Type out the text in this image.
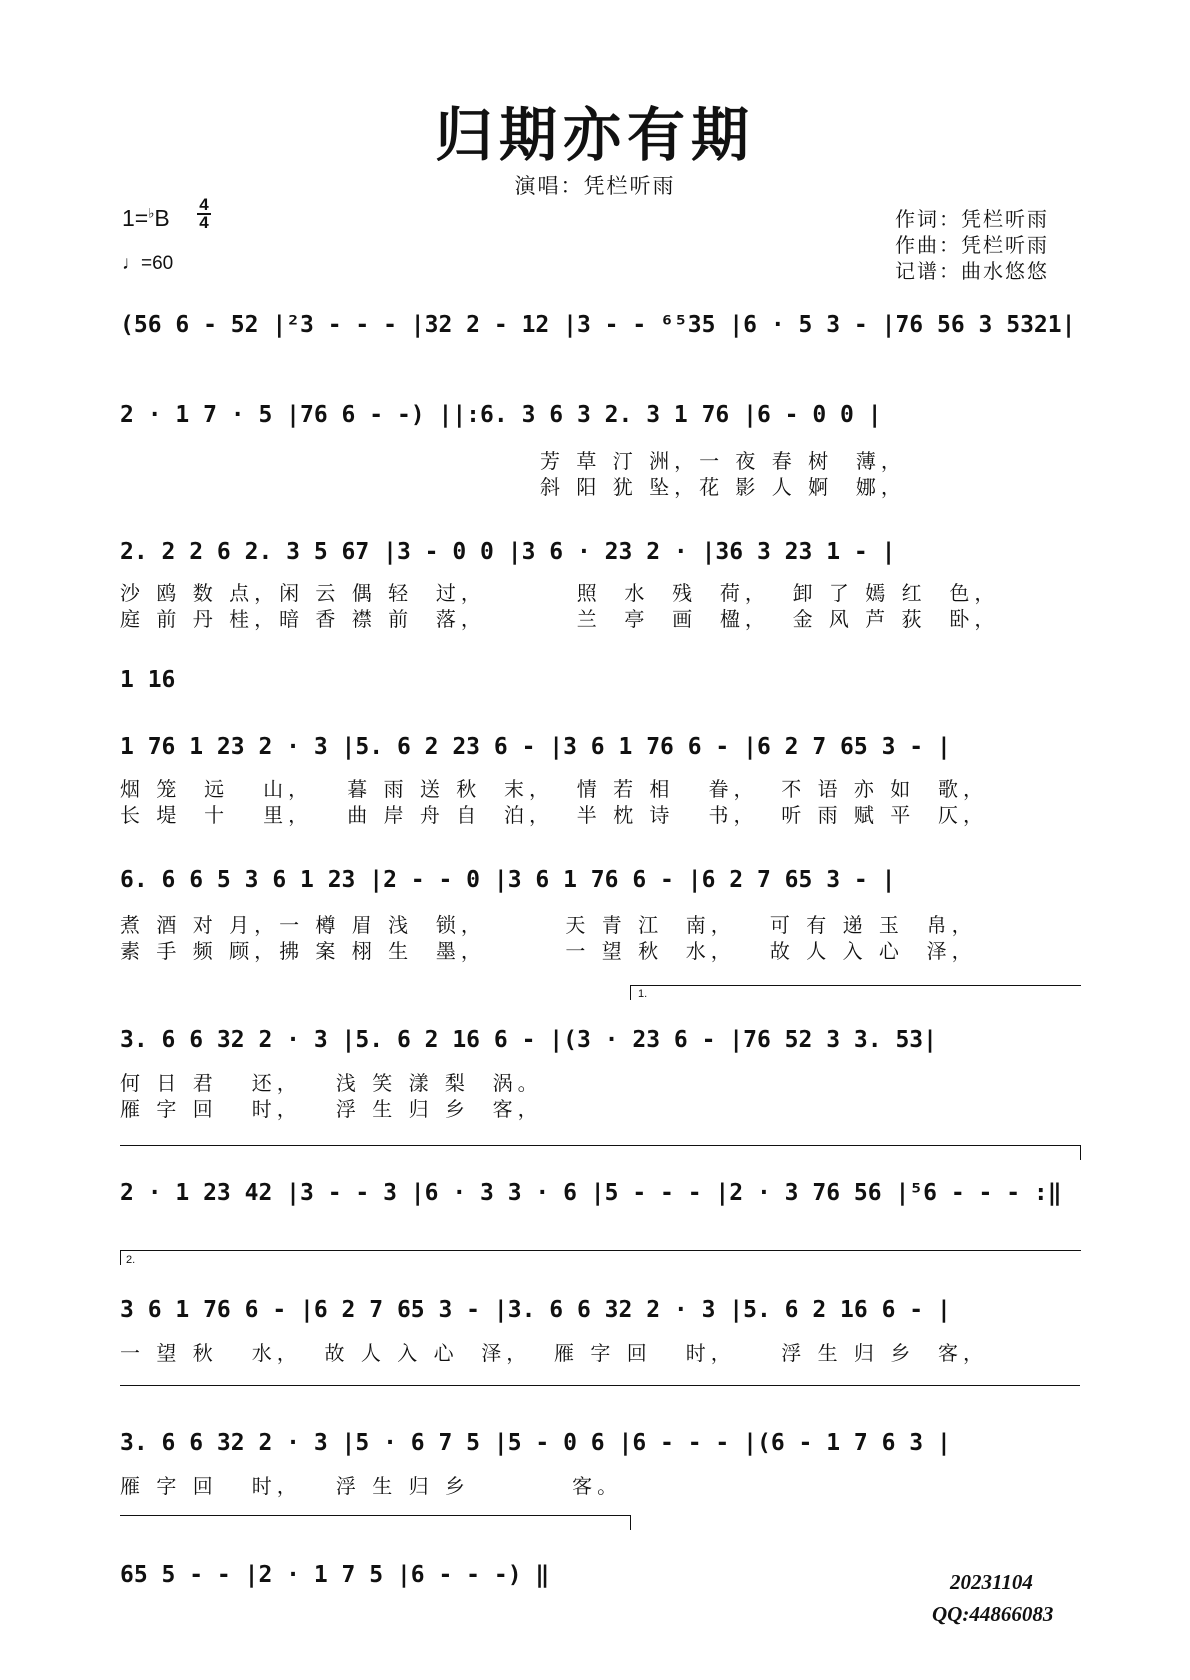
归期亦有期
演唱：凭栏听雨
1=♭B
4
4
♩=60
作词：凭栏听雨
作曲：凭栏听雨
记谱：曲水悠悠
(56 6 - 52 |²3 - - - |32 2 - 12 |3 - - ⁶⁵35 |6 · 5 3 - |76 56 3 5321|
2 · 1 7 · 5 |76 6 - -) ||:6. 3 6 3 2. 3 1 76 |6 - 0 0 |
芳 草 汀 洲，一 夜 春 树  薄，
斜 阳 犹 坠，花 影 人 婀  娜，
2. 2 2 6 2. 3 5 67 |3 - 0 0 |3 6 · 23 2 · |36 3 23 1 - |
沙 鸥 数 点，闲 云 偶 轻  过，        照  水  残  荷，  卸 了 嫣 红  色，
庭 前 丹 桂，暗 香 襟 前  落，        兰  亭  画  楹，  金 风 芦 荻  卧，
1 16
1 76 1 23 2 · 3 |5. 6 2 23 6 - |3 6 1 76 6 - |6 2 7 65 3 - |
烟 笼  远   山，   暮 雨 送 秋  末，  情 若 相   眷，  不 语 亦 如  歌，
长 堤  十   里，   曲 岸 舟 自  泊，  半 枕 诗   书，  听 雨 赋 平  仄，
6. 6 6 5 3 6 1 23 |2 - - 0 |3 6 1 76 6 - |6 2 7 65 3 - |
煮 酒 对 月，一 樽 眉 浅  锁，       天 青 江  南，   可 有 递 玉  帛，
素 手 频 顾，拂 案 栩 生  墨，       一 望 秋  水，   故 人 入 心  泽，
1.
3. 6 6 32 2 · 3 |5. 6 2 16 6 - |(3 · 23 6 - |76 52 3 3. 53|
何 日 君   还，   浅 笑 漾 梨  涡。
雁 字 回   时，   浮 生 归 乡  客，
2 · 1 23 42 |3 - - 3 |6 · 3 3 · 6 |5 - - - |2 · 3 76 56 |⁵6 - - - :‖
2.
3 6 1 76 6 - |6 2 7 65 3 - |3. 6 6 32 2 · 3 |5. 6 2 16 6 - |
一 望 秋   水，  故 人 入 心  泽，  雁 字 回   时，    浮 生 归 乡  客，
3. 6 6 32 2 · 3 |5 · 6 7 5 |5 - 0 6 |6 - - - |(6 - 1 7 6 3 |
雁 字 回   时，   浮 生 归 乡         客。
65 5 - - |2 · 1 7 5 |6 - - -) ‖	20231104
QQ:44866083
